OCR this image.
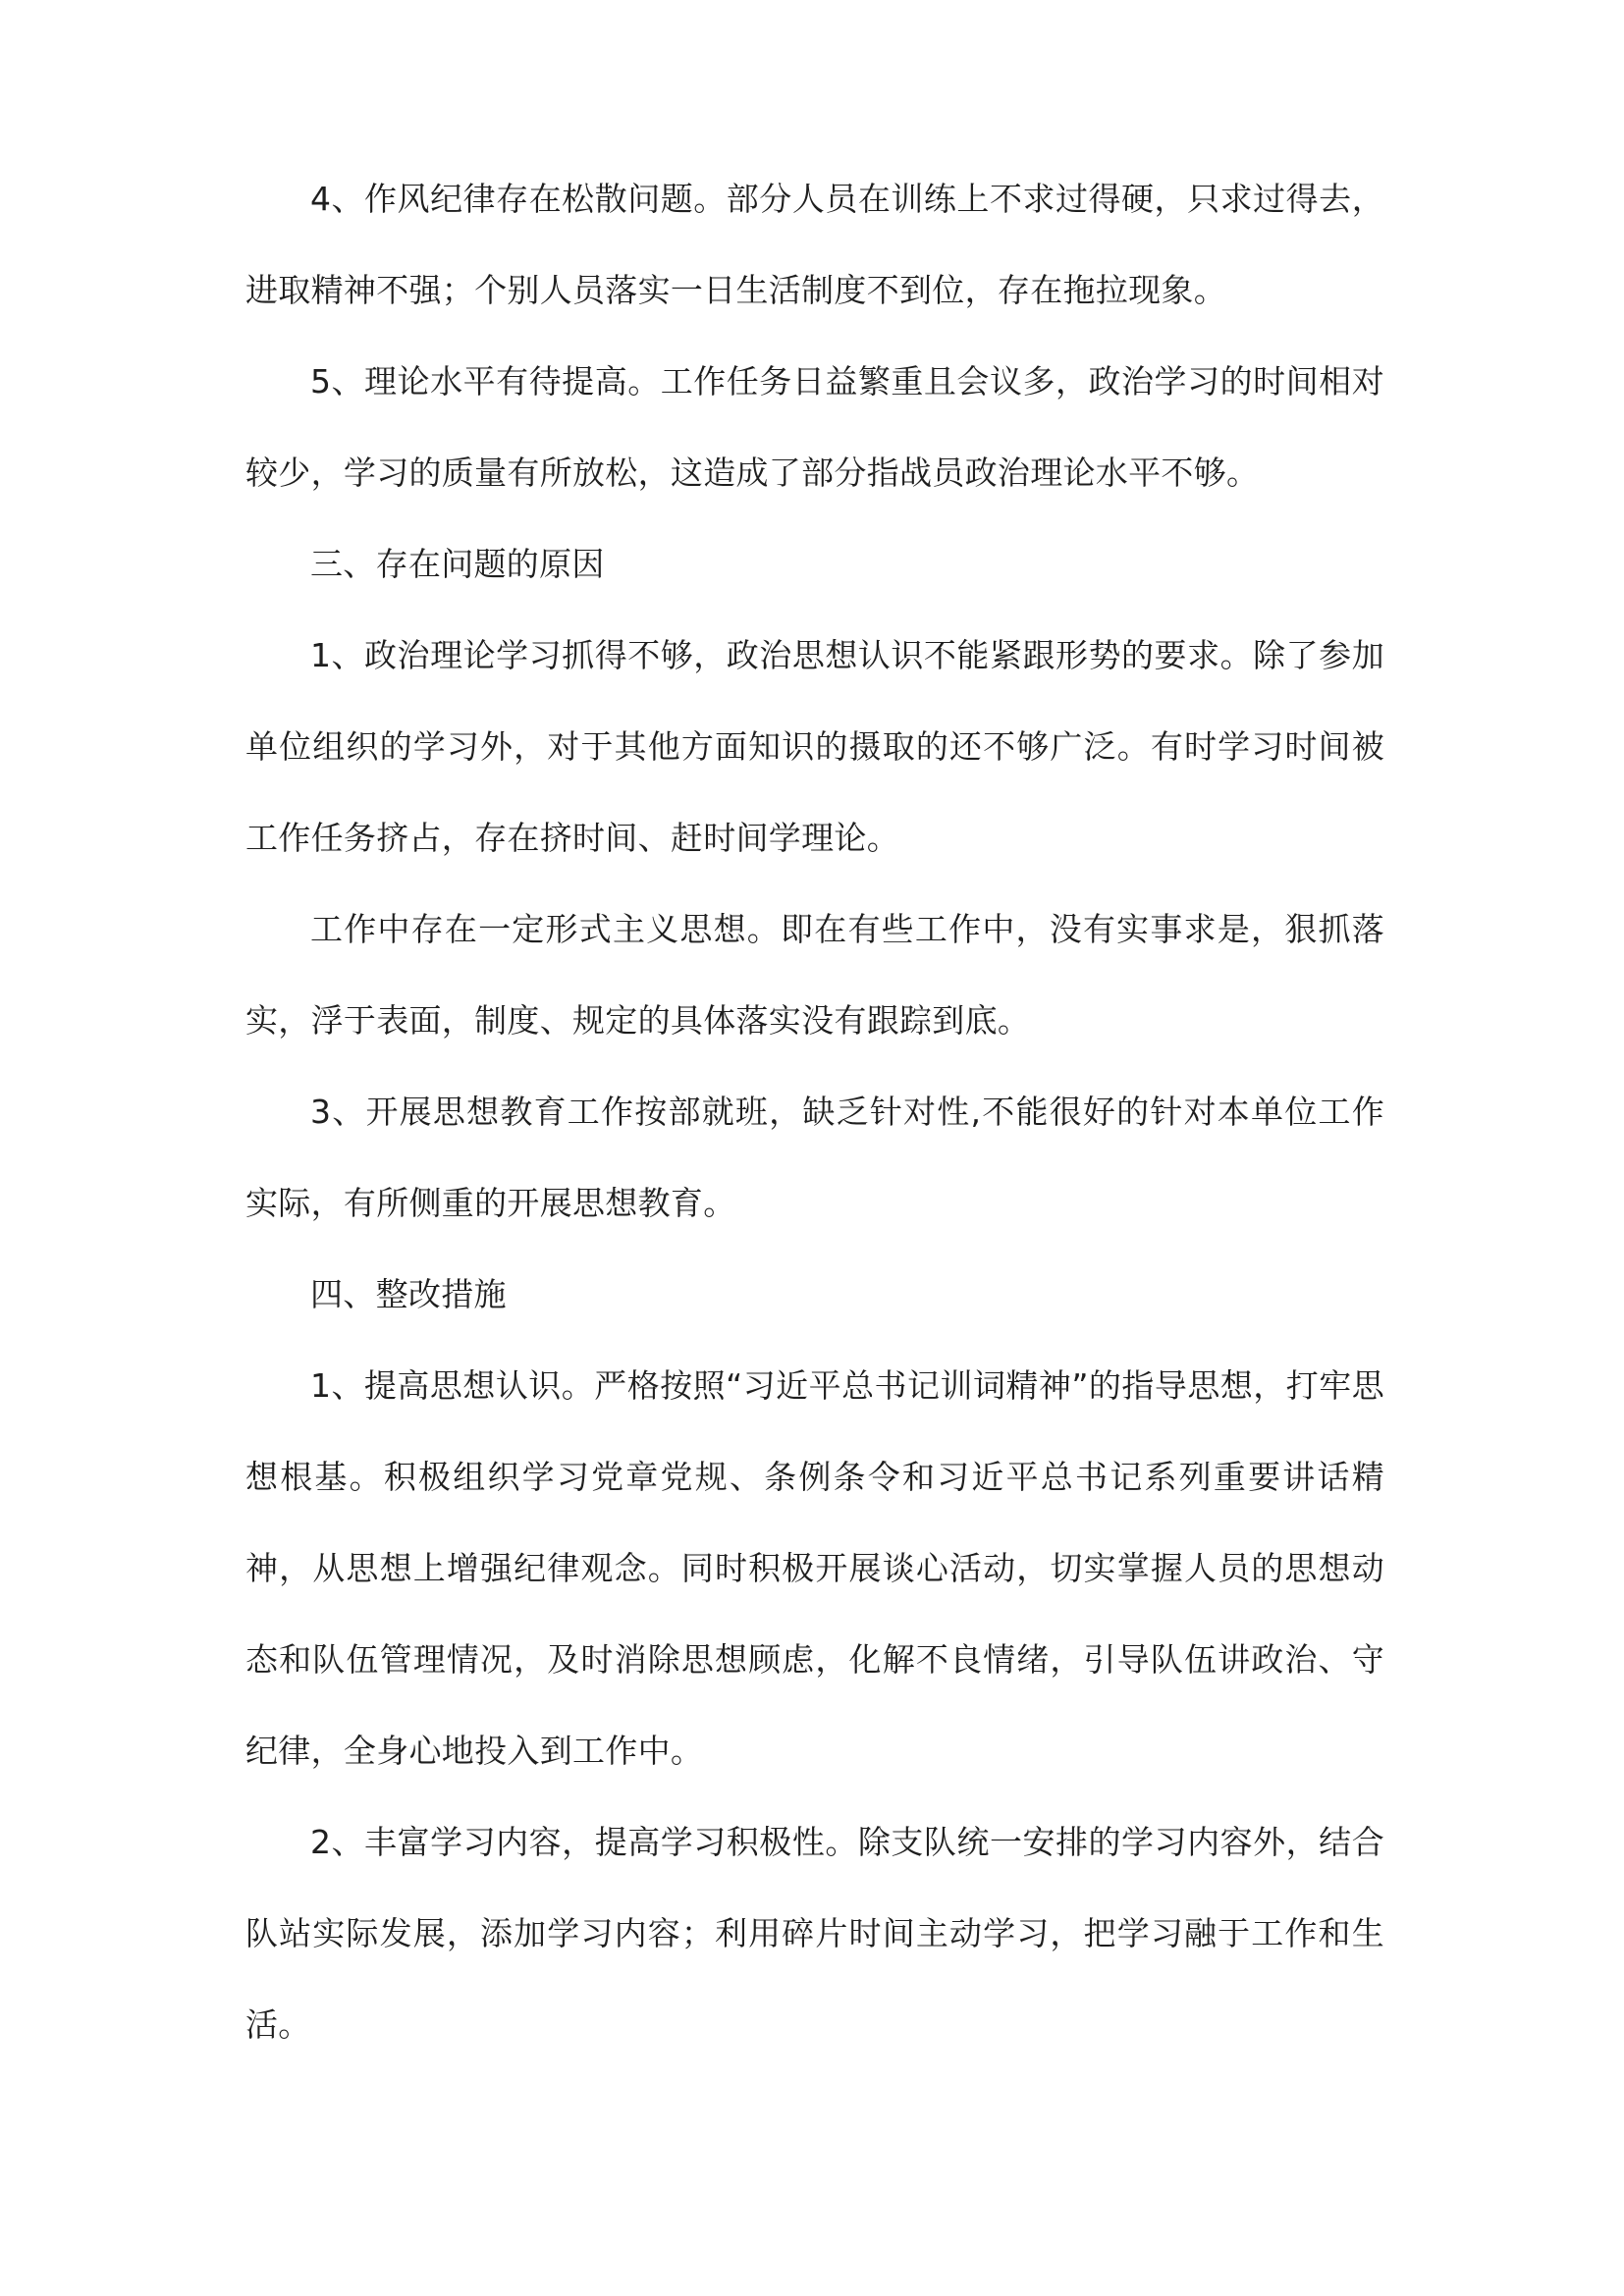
4、作风纪律存在松散问题。部分人员在训练上不求过得硬，只求过得去，进取精神不强；个别人员落实一日生活制度不到位，存在拖拉现象。

5、理论水平有待提高。工作任务日益繁重且会议多，政治学习的时间相对较少，学习的质量有所放松，这造成了部分指战员政治理论水平不够。

三、存在问题的原因

1、政治理论学习抓得不够，政治思想认识不能紧跟形势的要求。除了参加单位组织的学习外，对于其他方面知识的摄取的还不够广泛。有时学习时间被工作任务挤占，存在挤时间、赶时间学理论。

工作中存在一定形式主义思想。即在有些工作中，没有实事求是，狠抓落实，浮于表面，制度、规定的具体落实没有跟踪到底。

3、开展思想教育工作按部就班，缺乏针对性,不能很好的针对本单位工作实际，有所侧重的开展思想教育。

四、整改措施

1、提高思想认识。严格按照“习近平总书记训词精神”的指导思想，打牢思想根基。积极组织学习党章党规、条例条令和习近平总书记系列重要讲话精神，从思想上增强纪律观念。同时积极开展谈心活动，切实掌握人员的思想动态和队伍管理情况，及时消除思想顾虑，化解不良情绪，引导队伍讲政治、守纪律，全身心地投入到工作中。

2、丰富学习内容，提高学习积极性。除支队统一安排的学习内容外，结合队站实际发展，添加学习内容；利用碎片时间主动学习，把学习融于工作和生活。
